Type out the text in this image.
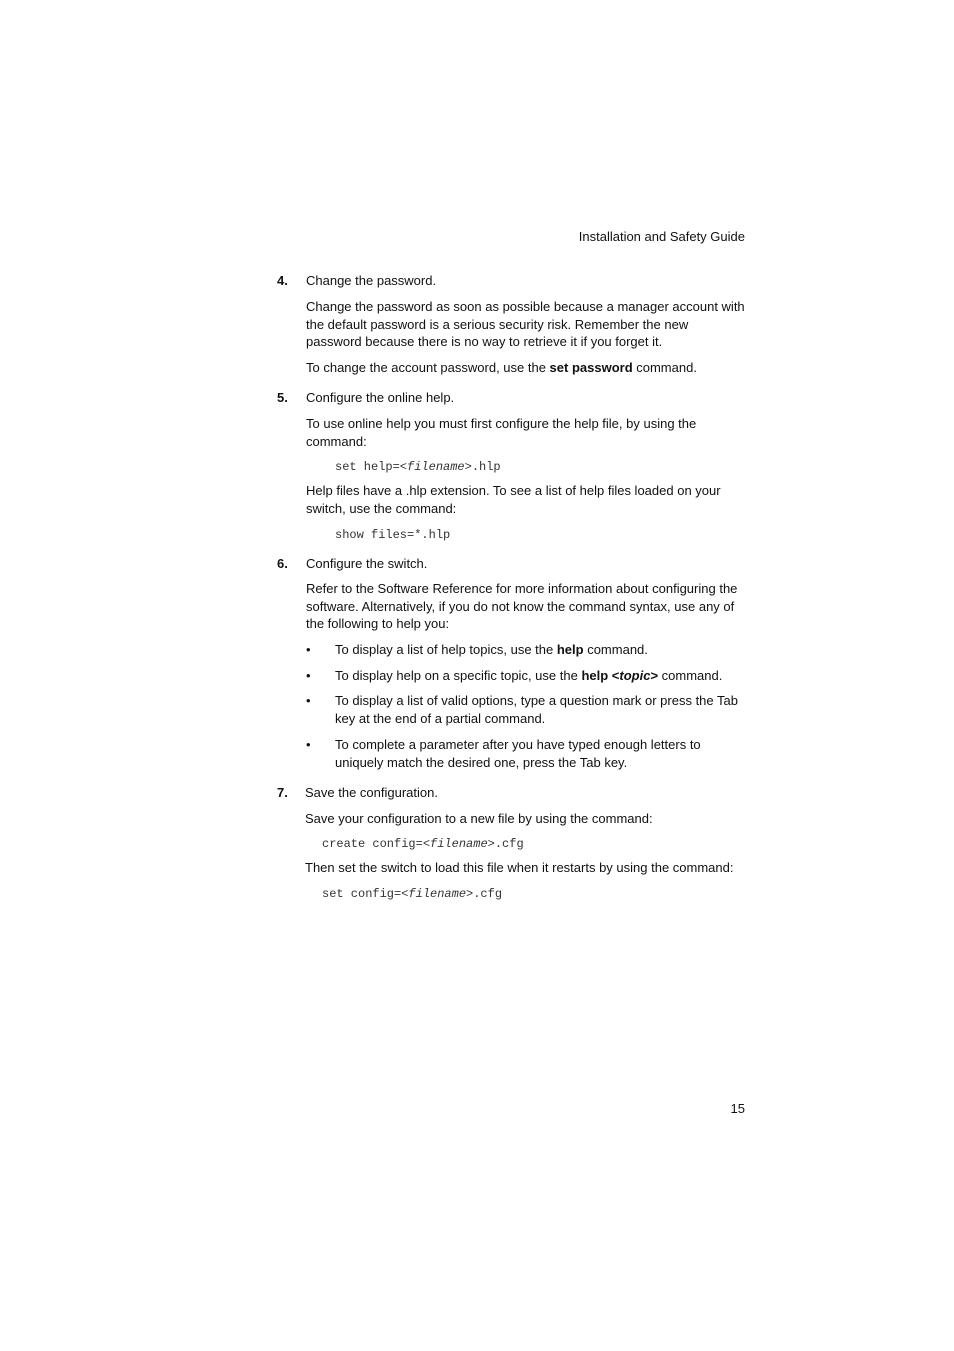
Installation and Safety Guide
4. Change the password.
Change the password as soon as possible because a manager account with the default password is a serious security risk. Remember the new password because there is no way to retrieve it if you forget it.
To change the account password, use the set password command.
5. Configure the online help.
To use online help you must first configure the help file, by using the command:
set help=<filename>.hlp
Help files have a .hlp extension. To see a list of help files loaded on your switch, use the command:
show files=*.hlp
6. Configure the switch.
Refer to the Software Reference for more information about configuring the software. Alternatively, if you do not know the command syntax, use any of the following to help you:
• To display a list of help topics, use the help command.
• To display help on a specific topic, use the help <topic> command.
• To display a list of valid options, type a question mark or press the Tab key at the end of a partial command.
• To complete a parameter after you have typed enough letters to uniquely match the desired one, press the Tab key.
7. Save the configuration.
Save your configuration to a new file by using the command:
create config=<filename>.cfg
Then set the switch to load this file when it restarts by using the command:
set config=<filename>.cfg
15
